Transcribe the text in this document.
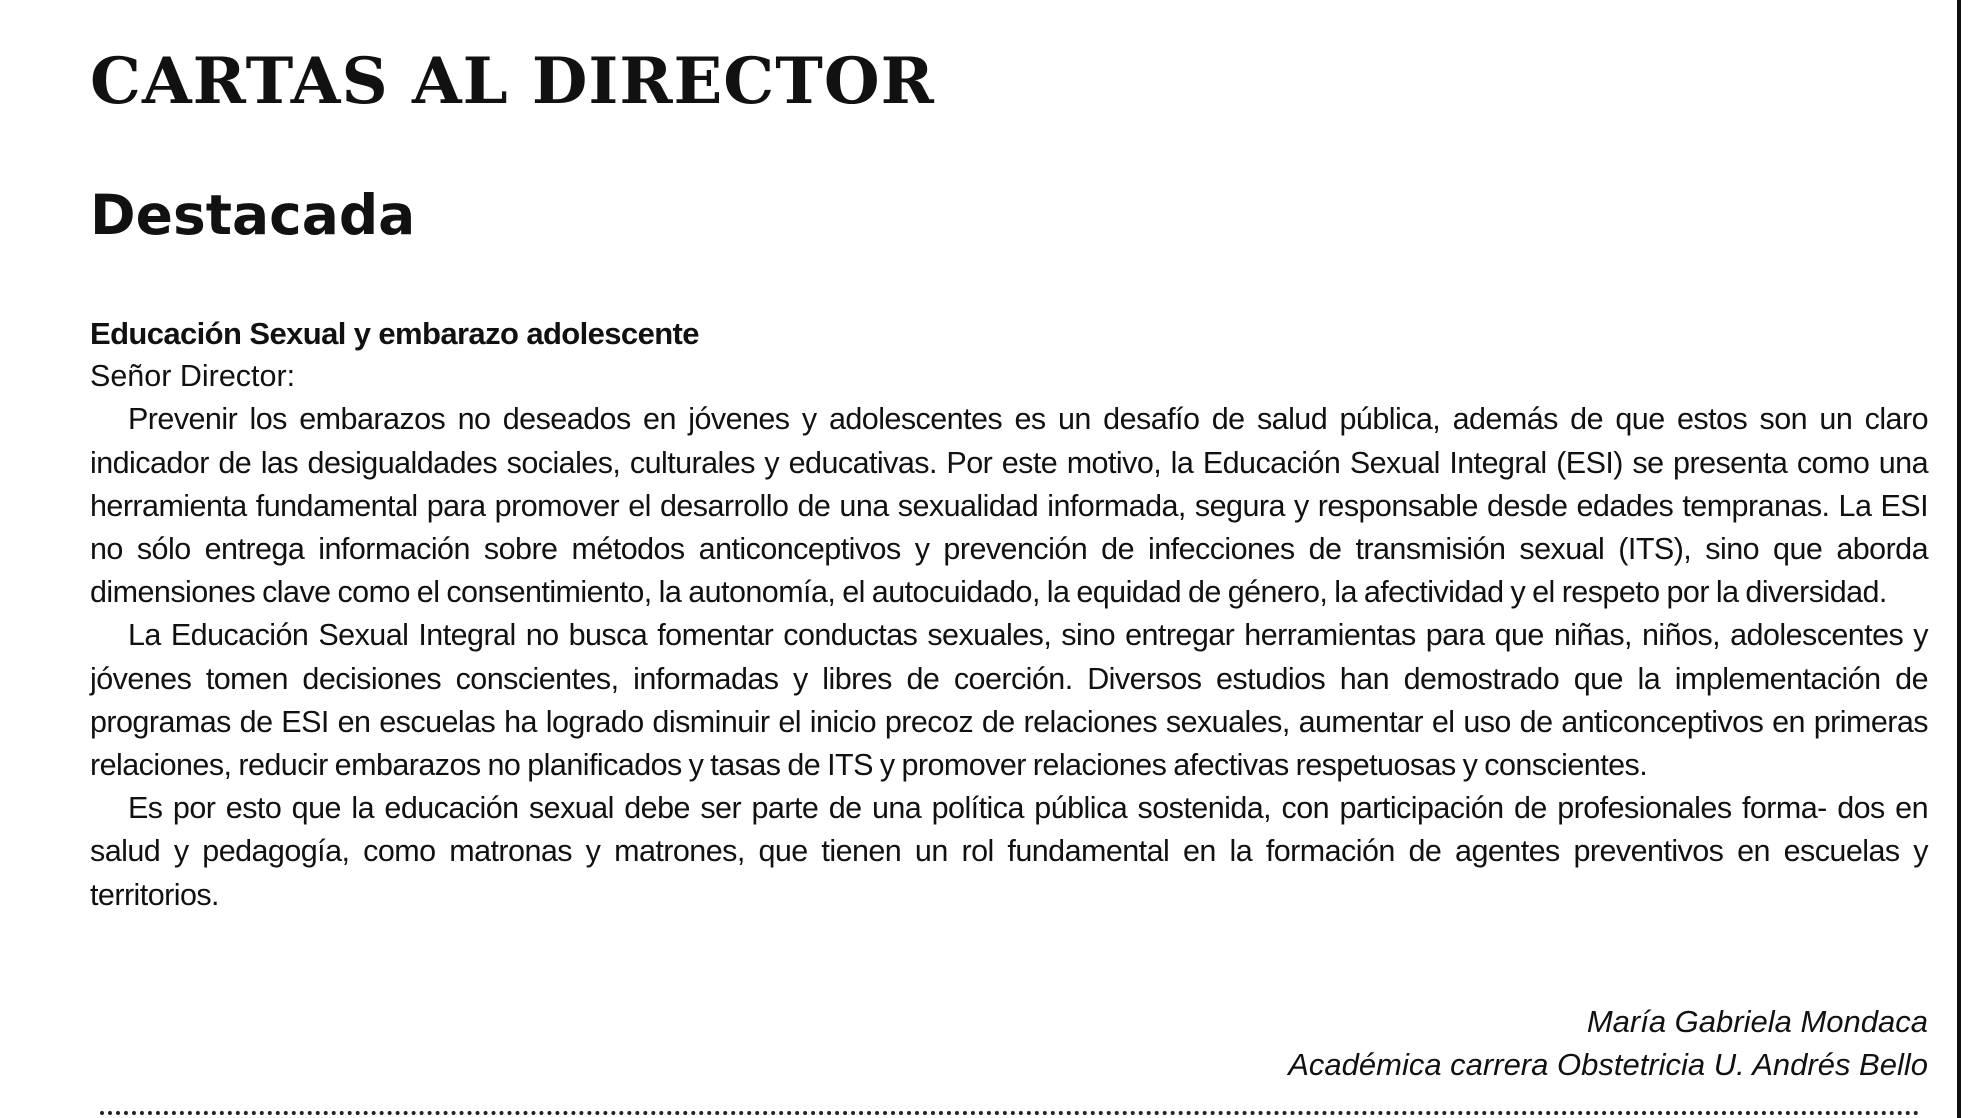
CARTAS AL DIRECTOR
Destacada

Educación Sexual y embarazo adolescente

Señor Director:

Prevenir los embarazos no deseados en jóvenes y adolescentes es un desafío de salud pública, además de que estos son un claro indicador de las desigualdades sociales, culturales y educativas. Por este motivo, la Educación Sexual Integral (ESI) se presenta como una herramienta fundamental para promover el desarrollo de una sexualidad informada, segura y responsable desde edades tempranas. La ESI no sólo entrega información sobre métodos anticonceptivos y prevención de infecciones de transmisión sexual (ITS), sino que aborda dimensiones clave como el consentimiento, la autonomía, el autocuidado, la equidad de género, la afectividad y el respeto por la diversidad.

La Educación Sexual Integral no busca fomentar conductas sexuales, sino entregar herramientas para que niñas, niños, adolescentes y jóvenes tomen decisiones conscientes, informadas y libres de coerción. Diversos estudios han demostrado que la implementación de programas de ESI en escuelas ha logrado disminuir el inicio precoz de relaciones sexuales, aumentar el uso de anticonceptivos en primeras relaciones, reducir embarazos no planificados y tasas de ITS y promover relaciones afectivas respetuosas y conscientes.

Es por esto que la educación sexual debe ser parte de una política pública sostenida, con participación de profesionales forma- dos en salud y pedagogía, como matronas y matrones, que tienen un rol fundamental en la formación de agentes preventivos en escuelas y territorios.

María Gabriela Mondaca
Académica carrera Obstetricia U. Andrés Bello
